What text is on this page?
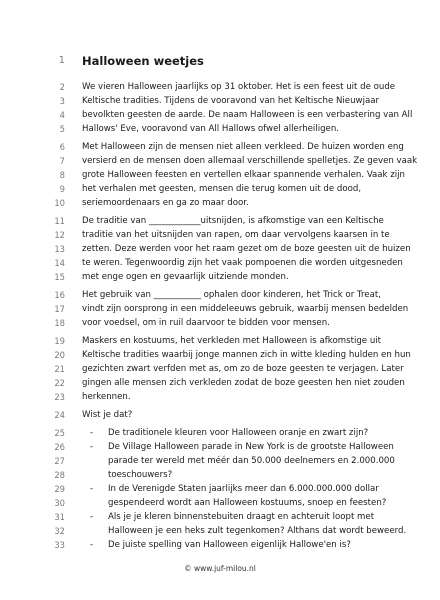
1 Halloween weetjes
2 We vieren Halloween jaarlijks op 31 oktober. Het is een feest uit de oude
3 Keltische tradities. Tijdens de vooravond van het Keltische Nieuwjaar
4 bevolkten geesten de aarde. De naam Halloween is een verbastering van All
5 Hallows' Eve, vooravond van All Hallows ofwel allerheiligen.
6 Met Halloween zijn de mensen niet alleen verkleed. De huizen worden eng
7 versierd en de mensen doen allemaal verschillende spelletjes. Ze geven vaak
8 grote Halloween feesten en vertellen elkaar spannende verhalen. Vaak zijn
9 het verhalen met geesten, mensen die terug komen uit de dood,
10 seriemoordenaars en ga zo maar door.
11 De traditie van ____________uitsnijden, is afkomstige van een Keltische
12 traditie van het uitsnijden van rapen, om daar vervolgens kaarsen in te
13 zetten. Deze werden voor het raam gezet om de boze geesten uit de huizen
14 te weren. Tegenwoordig zijn het vaak pompoenen die worden uitgesneden
15 met enge ogen en gevaarlijk uitziende monden.
16 Het gebruik van ___________ ophalen door kinderen, het Trick or Treat,
17 vindt zijn oorsprong in een middeleeuws gebruik, waarbij mensen bedelden
18 voor voedsel, om in ruil daarvoor te bidden voor mensen.
19 Maskers en kostuums, het verkleden met Halloween is afkomstige uit
20 Keltische tradities waarbij jonge mannen zich in witte kleding hulden en hun
21 gezichten zwart verfden met as, om zo de boze geesten te verjagen. Later
22 gingen alle mensen zich verkleden zodat de boze geesten hen niet zouden
23 herkennen.
24 Wist je dat?
25	- De traditionele kleuren voor Halloween oranje en zwart zijn?
26	- De Village Halloween parade in New York is de grootste Halloween
27	parade ter wereld met méér dan 50.000 deelnemers en 2.000.000
28	toeschouwers?
29	- In de Verenigde Staten jaarlijks meer dan 6.000.000.000 dollar
30	gespendeerd wordt aan Halloween kostuums, snoep en feesten?
31	- Als je je kleren binnenstebuiten draagt en achteruit loopt met
32	Halloween je een heks zult tegenkomen? Althans dat wordt beweerd.
33	- De juiste spelling van Halloween eigenlijk Hallowe'en is?
© www.juf-milou.nl
